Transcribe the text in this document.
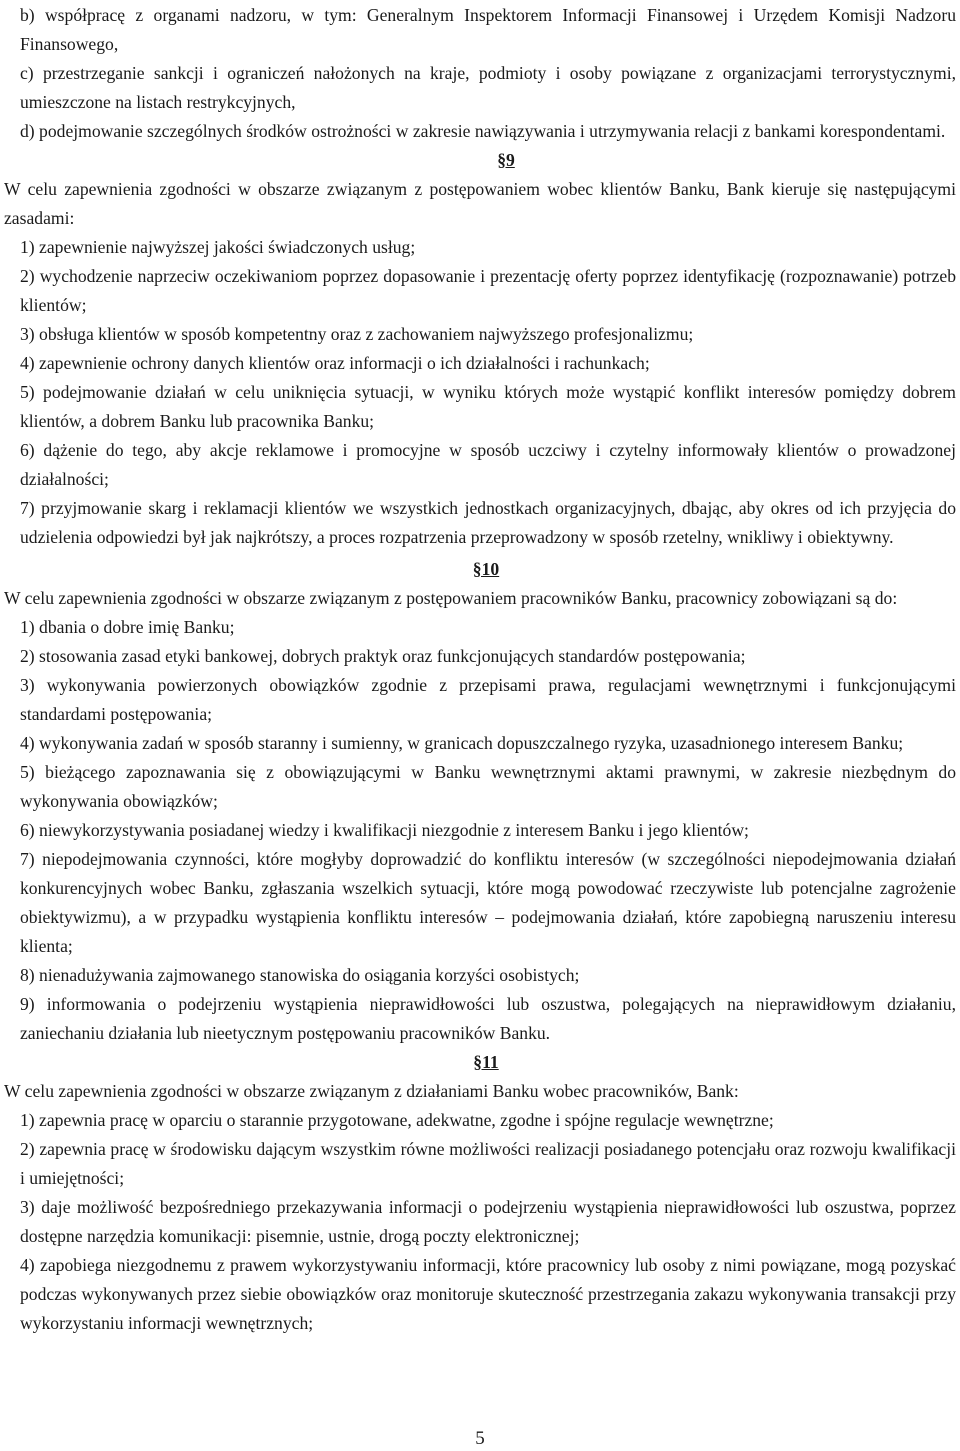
b) współpracę z organami nadzoru, w tym: Generalnym Inspektorem Informacji Finansowej i Urzędem Komisji Nadzoru Finansowego,

c) przestrzeganie sankcji i ograniczeń nałożonych na kraje, podmioty i osoby powiązane z organizacjami terrorystycznymi, umieszczone na listach restrykcyjnych,

d) podejmowanie szczególnych środków ostrożności w zakresie nawiązywania i utrzymywania relacji z bankami korespondentami.

§9

W celu zapewnienia zgodności w obszarze związanym z postępowaniem wobec klientów Banku, Bank kieruje się następującymi zasadami:

1) zapewnienie najwyższej jakości świadczonych usług;

2) wychodzenie naprzeciw oczekiwaniom poprzez dopasowanie i prezentację oferty poprzez identyfikację (rozpoznawanie) potrzeb klientów;

3) obsługa klientów w sposób kompetentny oraz z zachowaniem najwyższego profesjonalizmu;

4) zapewnienie ochrony danych klientów oraz informacji o ich działalności i rachunkach;

5) podejmowanie działań w celu uniknięcia sytuacji, w wyniku których może wystąpić konflikt interesów pomiędzy dobrem klientów, a dobrem Banku lub pracownika Banku;

6) dążenie do tego, aby akcje reklamowe i promocyjne w sposób uczciwy i czytelny informowały klientów o prowadzonej działalności;

7) przyjmowanie skarg i reklamacji klientów we wszystkich jednostkach organizacyjnych, dbając, aby okres od ich przyjęcia do udzielenia odpowiedzi był jak najkrótszy, a proces rozpatrzenia przeprowadzony w sposób rzetelny, wnikliwy i obiektywny.

§10

W celu zapewnienia zgodności w obszarze związanym z postępowaniem pracowników Banku, pracownicy zobowiązani są do:

1) dbania o dobre imię Banku;

2) stosowania zasad etyki bankowej, dobrych praktyk oraz funkcjonujących standardów postępowania;

3) wykonywania powierzonych obowiązków zgodnie z przepisami prawa, regulacjami wewnętrznymi i funkcjonującymi standardami postępowania;

4) wykonywania zadań w sposób staranny i sumienny, w granicach dopuszczalnego ryzyka, uzasadnionego interesem Banku;

5) bieżącego zapoznawania się z obowiązującymi w Banku wewnętrznymi aktami prawnymi, w zakresie niezbędnym do wykonywania obowiązków;

6) niewykorzystywania posiadanej wiedzy i kwalifikacji niezgodnie z interesem Banku i jego klientów;

7) niepodejmowania czynności, które mogłyby doprowadzić do konfliktu interesów (w szczególności niepodejmowania działań konkurencyjnych wobec Banku, zgłaszania wszelkich sytuacji, które mogą powodować rzeczywiste lub potencjalne zagrożenie obiektywizmu), a w przypadku wystąpienia konfliktu interesów – podejmowania działań, które zapobiegną naruszeniu interesu klienta;

8) nienadużywania zajmowanego stanowiska do osiągania korzyści osobistych;

9) informowania o podejrzeniu wystąpienia nieprawidłowości lub oszustwa, polegających na nieprawidłowym działaniu, zaniechaniu działania lub nieetycznym postępowaniu pracowników Banku.

§11

W celu zapewnienia zgodności w obszarze związanym z działaniami Banku wobec pracowników, Bank:

1) zapewnia pracę w oparciu o starannie przygotowane, adekwatne, zgodne i spójne regulacje wewnętrzne;

2) zapewnia pracę w środowisku dającym wszystkim równe możliwości realizacji posiadanego potencjału oraz rozwoju kwalifikacji i umiejętności;

3) daje możliwość bezpośredniego przekazywania informacji o podejrzeniu wystąpienia nieprawidłowości lub oszustwa, poprzez dostępne narzędzia komunikacji: pisemnie, ustnie, drogą poczty elektronicznej;

4) zapobiega niezgodnemu z prawem wykorzystywaniu informacji, które pracownicy lub osoby z nimi powiązane, mogą pozyskać podczas wykonywanych przez siebie obowiązków oraz monitoruje skuteczność przestrzegania zakazu wykonywania transakcji przy wykorzystaniu informacji wewnętrznych;

5
